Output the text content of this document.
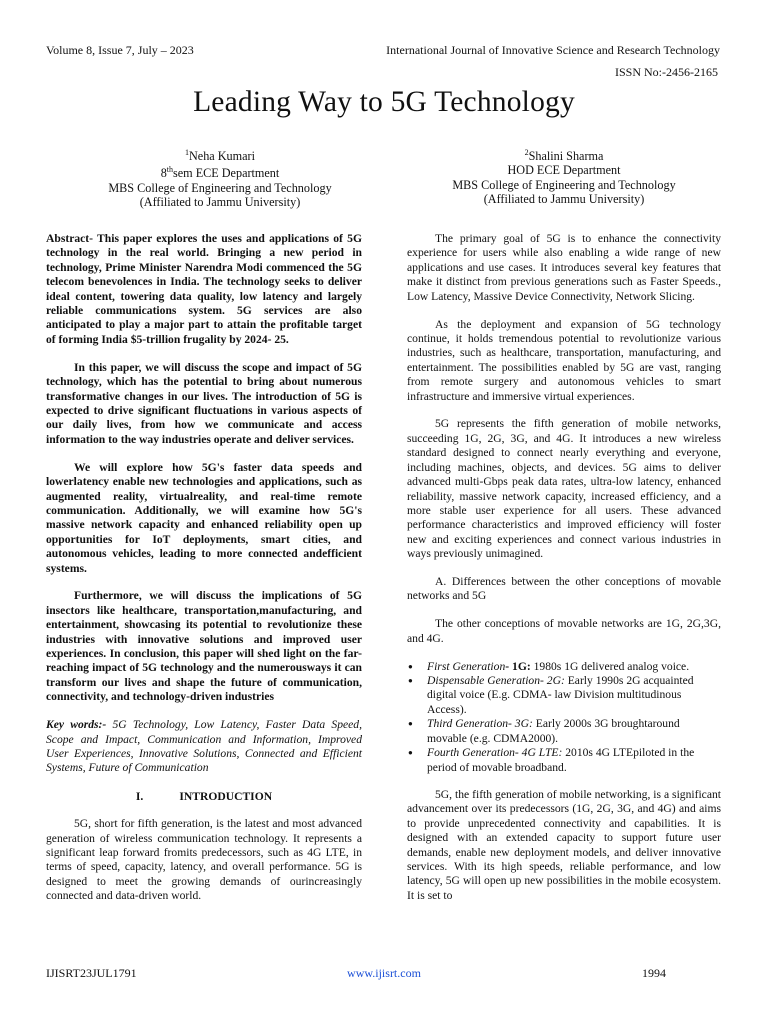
Volume 8, Issue 7, July – 2023	International Journal of Innovative Science and Research Technology
ISSN No:-2456-2165
Leading Way to 5G Technology
$^1$Neha Kumari
8thsem ECE Department
MBS College of Engineering and Technology
(Affiliated to Jammu University)
$^2$Shalini Sharma
HOD ECE Department
MBS College of Engineering and Technology
(Affiliated to Jammu University)

Abstract- This paper explores the uses and applications of 5G technology in the real world. Bringing a new period in technology, Prime Minister Narendra Modi commenced the 5G telecom benevolences in India. The technology seeks to deliver ideal content, towering data quality, low latency and largely reliable communications system. 5G services are also anticipated to play a major part to attain the profitable target of forming India $5-trillion frugality by 2024- 25.

In this paper, we will discuss the scope and impact of 5G technology, which has the potential to bring about numerous transformative changes in our lives. The introduction of 5G is expected to drive significant fluctuations in various aspects of our daily lives, from how we communicate and access information to the way industries operate and deliver services.

We will explore how 5G's faster data speeds and lowerlatency enable new technologies and applications, such as augmented reality, virtualreality, and real-time remote communication. Additionally, we will examine how 5G's massive network capacity and enhanced reliability open up opportunities for IoT deployments, smart cities, and autonomous vehicles, leading to more connected andefficient systems.

Furthermore, we will discuss the implications of 5G insectors like healthcare, transportation,manufacturing, and entertainment, showcasing its potential to revolutionize these industries with innovative solutions and improved user experiences. In conclusion, this paper will shed light on the far-reaching impact of 5G technology and the numerousways it can transform our lives and shape the future of communication, connectivity, and technology-driven industries

Key words:- 5G Technology, Low Latency, Faster Data Speed, Scope and Impact, Communication and Information, Improved User Experiences, Innovative Solutions, Connected and Efficient Systems, Future of Communication

I.	INTRODUCTION

5G, short for fifth generation, is the latest and most advanced generation of wireless communication technology. It represents a significant leap forward fromits predecessors, such as 4G LTE, in terms of speed, capacity, latency, and overall performance. 5G is designed to meet the growing demands of ourincreasingly connected and data-driven world.

The primary goal of 5G is to enhance the connectivity experience for users while also enabling a wide range of new applications and use cases. It introduces several key features that make it distinct from previous generations such as Faster Speeds., Low Latency, Massive Device Connectivity, Network Slicing.

As the deployment and expansion of 5G technology continue, it holds tremendous potential to revolutionize various industries, such as healthcare, transportation, manufacturing, and entertainment. The possibilities enabled by 5G are vast, ranging from remote surgery and autonomous vehicles to smart infrastructure and immersive virtual experiences.

5G represents the fifth generation of mobile networks, succeeding 1G, 2G, 3G, and 4G. It introduces a new wireless standard designed to connect nearly everything and everyone, including machines, objects, and devices. 5G aims to deliver advanced multi-Gbps peak data rates, ultra-low latency, enhanced reliability, massive network capacity, increased efficiency, and a more stable user experience for all users. These advanced performance characteristics and improved efficiency will foster new and exciting experiences and connect various industries in ways previously unimagined.

A. Differences between the other conceptions of movable networks and 5G

The other conceptions of movable networks are 1G, 2G,3G, and 4G.

● First Generation- 1G: 1980s 1G delivered analog voice.
● Dispensable Generation- 2G: Early 1990s 2G acquainted digital voice (E.g. CDMA- law Division multitudinous Access).
● Third Generation- 3G: Early 2000s 3G broughtaround movable (e.g. CDMA2000).
● Fourth Generation- 4G LTE: 2010s 4G LTEpiloted in the period of movable broadband.

5G, the fifth generation of mobile networking, is a significant advancement over its predecessors (1G, 2G, 3G, and 4G) and aims to provide unprecedented connectivity and capabilities. It is designed with an extended capacity to support future user demands, enable new deployment models, and deliver innovative services. With its high speeds, reliable performance, and low latency, 5G will open up new possibilities in the mobile ecosystem. It is set to

IJISRT23JUL1791	www.ijisrt.com	1994
